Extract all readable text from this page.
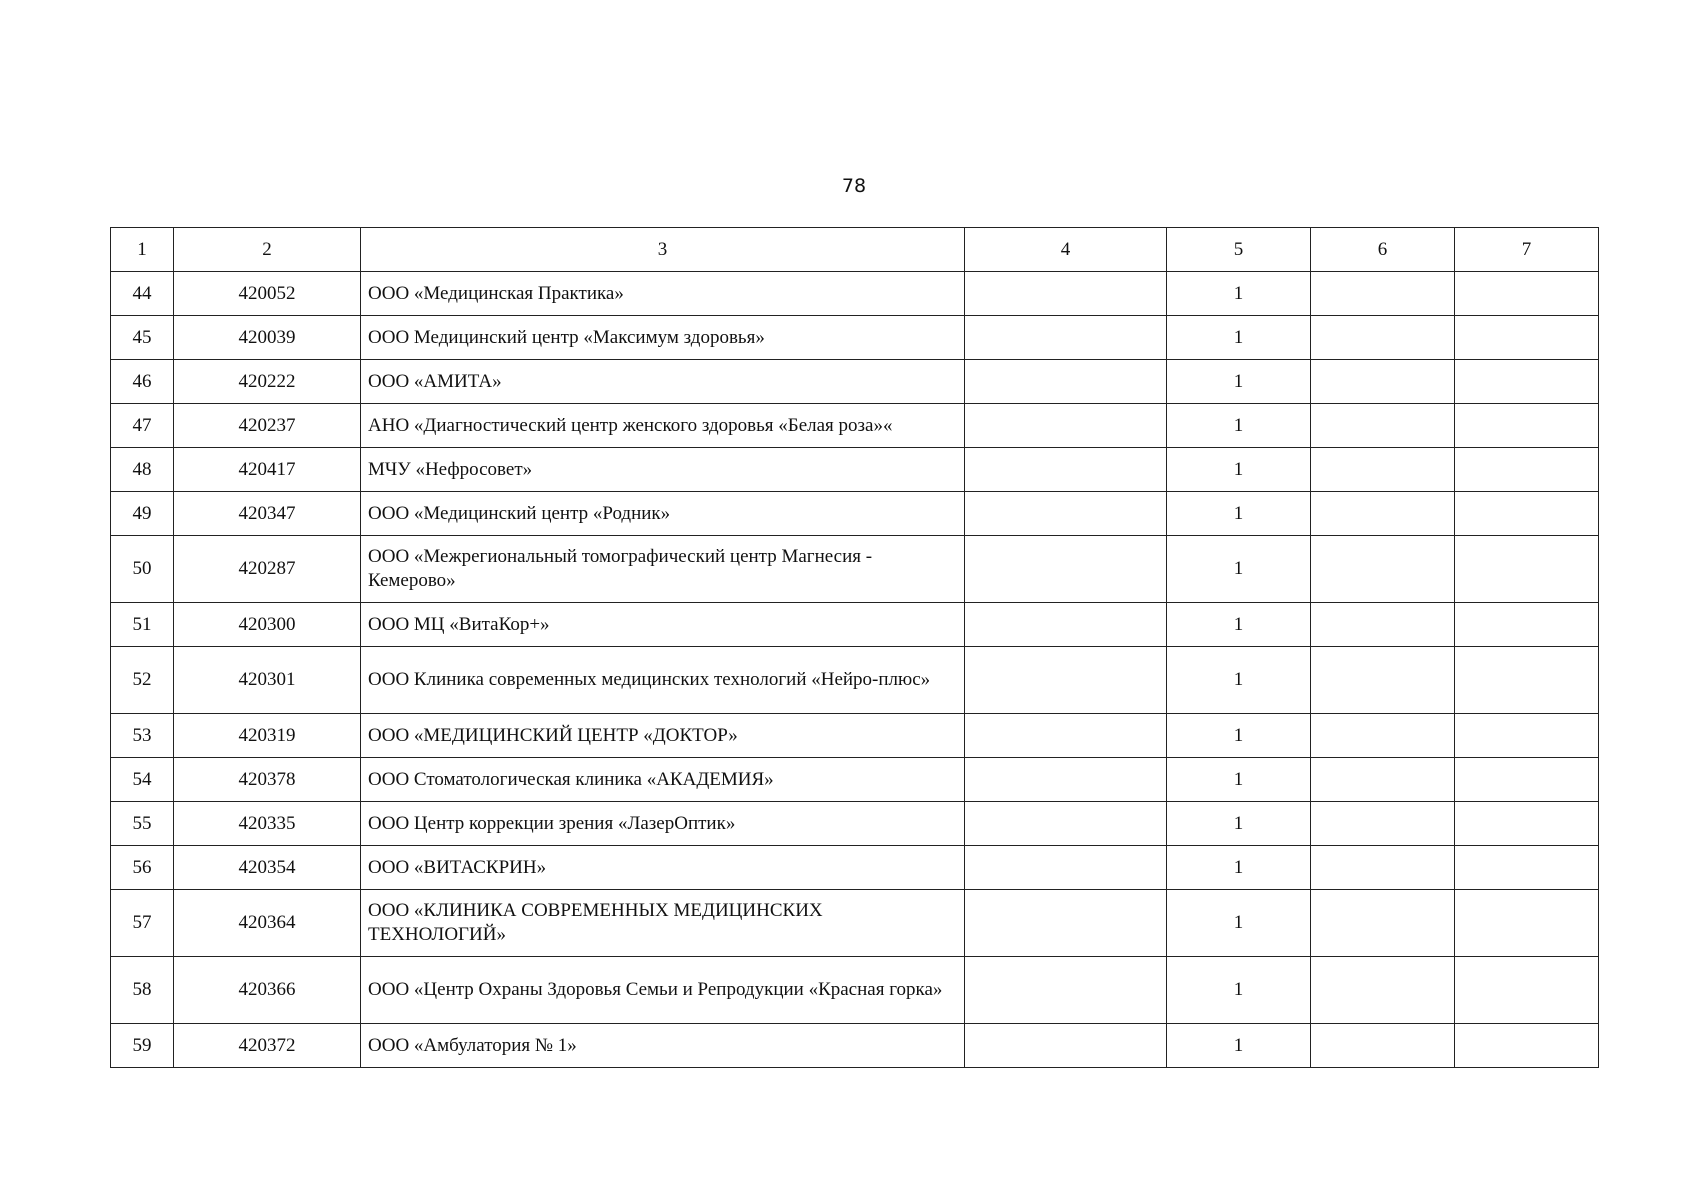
78
1	2	3	4	5	6	7
44	420052	ООО «Медицинская Практика»		1		
45	420039	ООО Медицинский центр «Максимум здоровья»		1		
46	420222	ООО «АМИТА»		1		
47	420237	АНО «Диагностический центр женского здоровья «Белая роза»«		1		
48	420417	МЧУ «Нефросовет»		1		
49	420347	ООО «Медицинский центр «Родник»		1		
50	420287	ООО «Межрегиональный томографический центр Магнесия - Кемерово»		1		
51	420300	ООО МЦ «ВитаКор+»		1		
52	420301	ООО Клиника современных медицинских технологий «Нейро-плюс»		1		
53	420319	ООО «МЕДИЦИНСКИЙ ЦЕНТР «ДОКТОР»		1		
54	420378	ООО Стоматологическая клиника «АКАДЕМИЯ»		1		
55	420335	ООО Центр коррекции зрения «ЛазерОптик»		1		
56	420354	ООО «ВИТАСКРИН»		1		
57	420364	ООО «КЛИНИКА СОВРЕМЕННЫХ МЕДИЦИНСКИХ ТЕХНОЛОГИЙ»		1		
58	420366	ООО «Центр Охраны Здоровья Семьи и Репродукции «Красная горка»		1		
59	420372	ООО «Амбулатория № 1»		1		
